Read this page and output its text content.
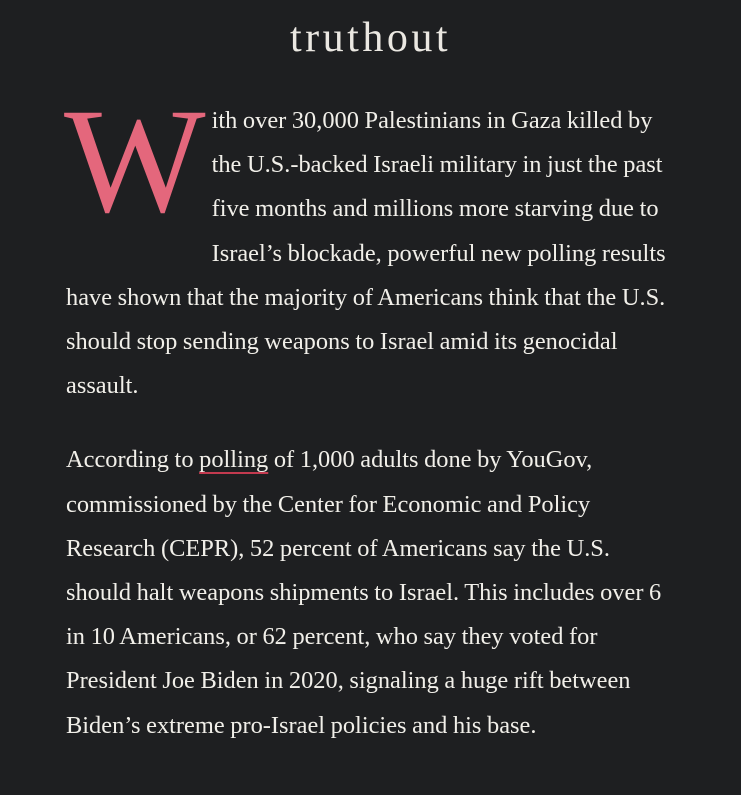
truthout

With over 30,000 Palestinians in Gaza killed by the U.S.-backed Israeli military in just the past five months and millions more starving due to Israel’s blockade, powerful new polling results have shown that the majority of Americans think that the U.S. should stop sending weapons to Israel amid its genocidal assault.

According to polling of 1,000 adults done by YouGov, commissioned by the Center for Economic and Policy Research (CEPR), 52 percent of Americans say the U.S. should halt weapons shipments to Israel. This includes over 6 in 10 Americans, or 62 percent, who say they voted for President Joe Biden in 2020, signaling a huge rift between Biden’s extreme pro-Israel policies and his base.
